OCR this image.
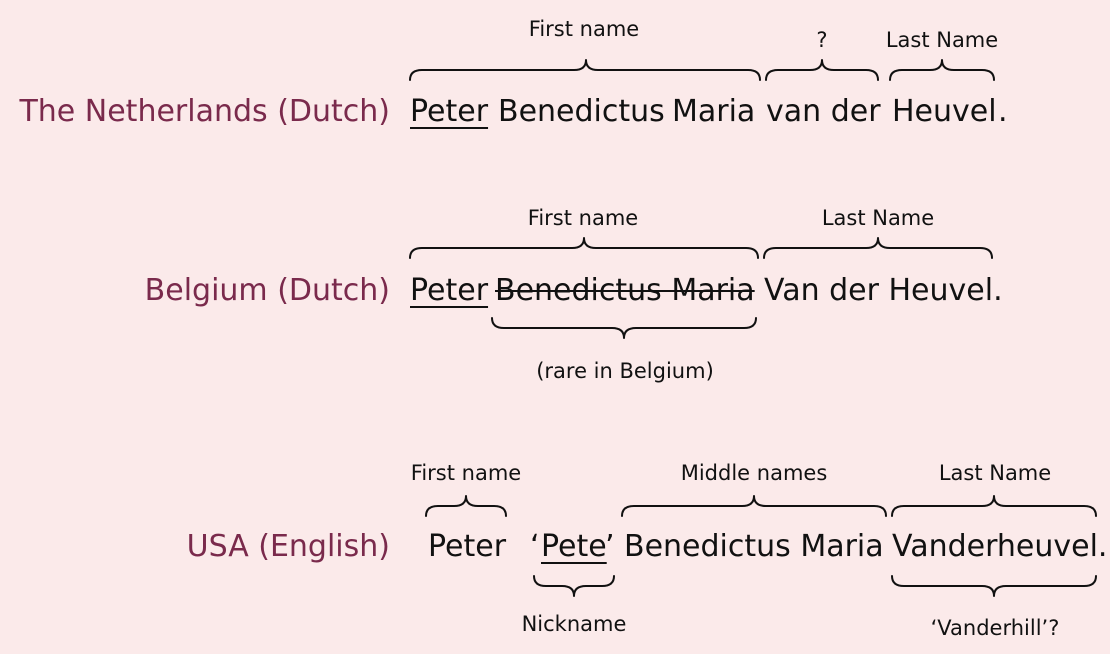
The Netherlands (Dutch)
First name	?	Last Name
Peter Benedictus Maria van der Heuvel .
Belgium (Dutch)
First name	Last Name
(rare in Belgium)
Peter Benedictus Maria Van der Heuvel.
USA (English)
First name	Middle names	Last Name
Nickname	‘Vanderhill’?
Peter ‘ Pete
’ Benedictus Maria Vanderheuvel.
